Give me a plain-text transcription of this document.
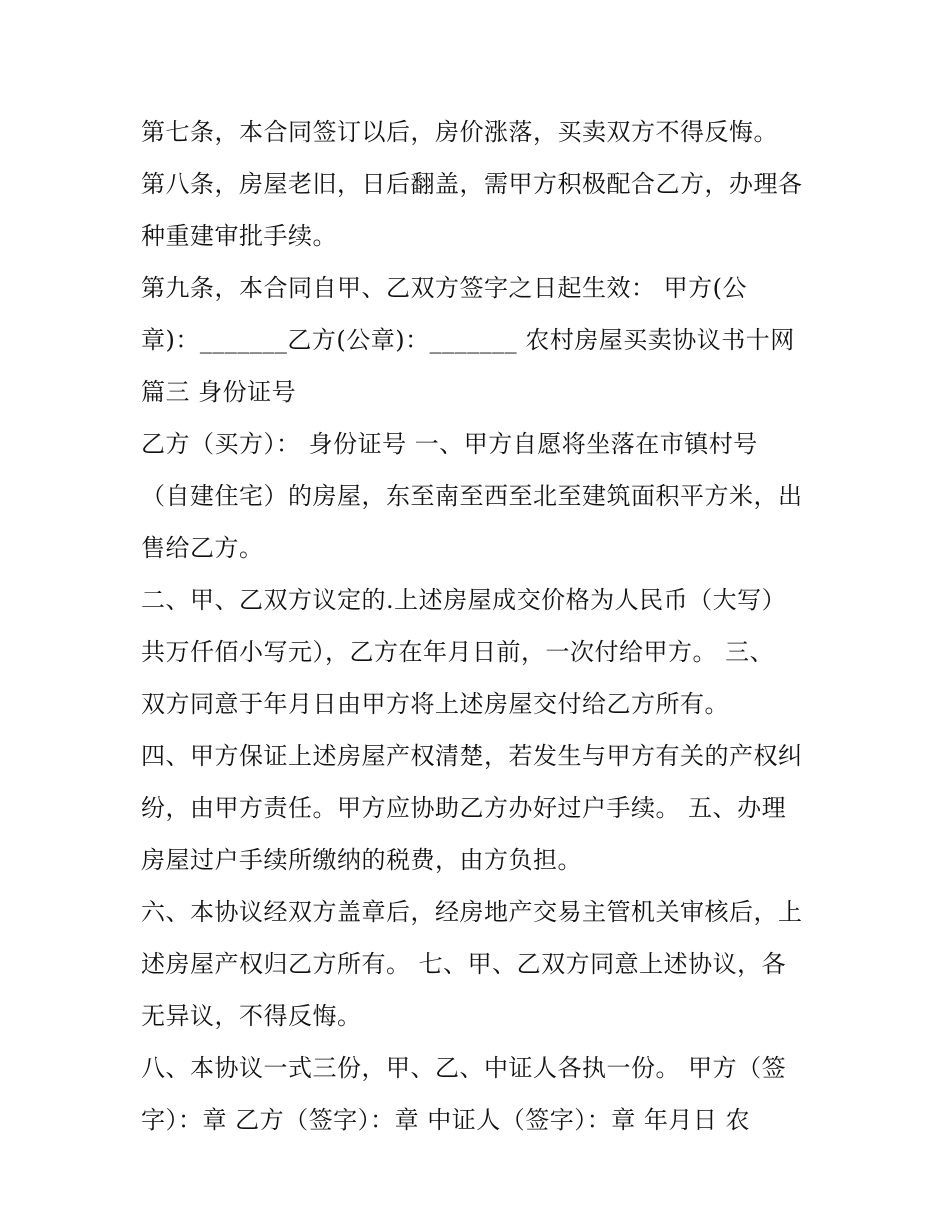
第七条，本合同签订以后，房价涨落，买卖双方不得反悔。
第八条，房屋老旧，日后翻盖，需甲方积极配合乙方，办理各
种重建审批手续。
第九条，本合同自甲、乙双方签字之日起生效： 甲方(公
章)：_______乙方(公章)：_______ 农村房屋买卖协议书十网
篇三 身份证号
乙方（买方）： 身份证号 一、甲方自愿将坐落在市镇村号
（自建住宅）的房屋，东至南至西至北至建筑面积平方米，出
售给乙方。
二、甲、乙双方议定的.上述房屋成交价格为人民币（大写）
共万仟佰小写元），乙方在年月日前，一次付给甲方。 三、
双方同意于年月日由甲方将上述房屋交付给乙方所有。
四、甲方保证上述房屋产权清楚，若发生与甲方有关的产权纠
纷，由甲方责任。甲方应协助乙方办好过户手续。 五、办理
房屋过户手续所缴纳的税费，由方负担。
六、本协议经双方盖章后，经房地产交易主管机关审核后，上
述房屋产权归乙方所有。 七、甲、乙双方同意上述协议，各
无异议，不得反悔。
八、本协议一式三份，甲、乙、中证人各执一份。 甲方（签
字）：章 乙方（签字）：章 中证人（签字）：章 年月日 农
